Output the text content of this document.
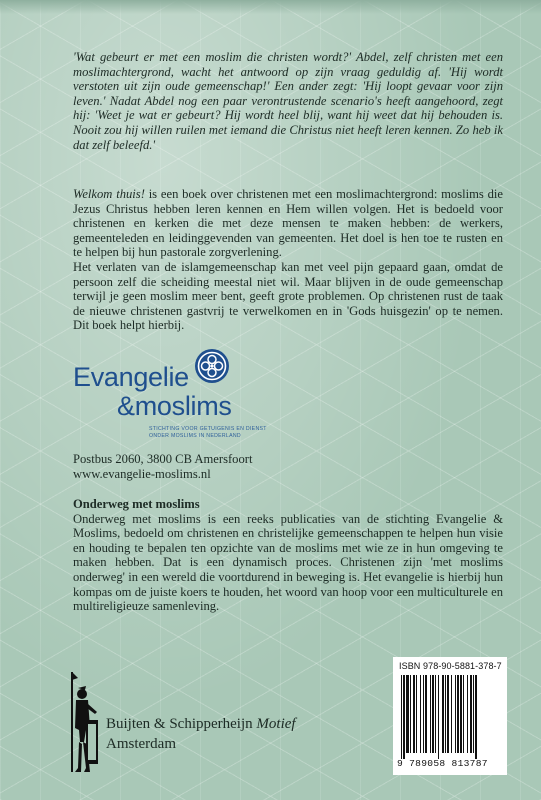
'Wat gebeurt er met een moslim die christen wordt?' Abdel, zelf christen met een moslimachtergrond, wacht het antwoord op zijn vraag geduldig af. 'Hij wordt verstoten uit zijn oude gemeenschap!' Een ander zegt: 'Hij loopt gevaar voor zijn leven.' Nadat Abdel nog een paar verontrustende scenario's heeft aangehoord, zegt hij: 'Weet je wat er gebeurt? Hij wordt heel blij, want hij weet dat hij behouden is. Nooit zou hij willen ruilen met iemand die Christus niet heeft leren kennen. Zo heb ik dat zelf beleefd.'

Welkom thuis! is een boek over christenen met een moslimachtergrond: moslims die Jezus Christus hebben leren kennen en Hem willen volgen. Het is bedoeld voor christenen en kerken die met deze mensen te maken hebben: de werkers, gemeenteleden en leidinggevenden van gemeenten. Het doel is hen toe te rusten en te helpen bij hun pastorale zorgverlening.

Het verlaten van de islamgemeenschap kan met veel pijn gepaard gaan, omdat de persoon zelf die scheiding meestal niet wil. Maar blijven in de oude gemeenschap terwijl je geen moslim meer bent, geeft grote problemen. Op christenen rust de taak de nieuwe christenen gastvrij te verwelkomen en in 'Gods huisgezin' op te nemen. Dit boek helpt hierbij.

Evangelie
&moslims
STICHTING VOOR GETUIGENIS EN DIENST
ONDER MOSLIMS IN NEDERLAND
Postbus 2060, 3800 CB Amersfoort
www.evangelie-moslims.nl

Onderweg met moslims

Onderweg met moslims is een reeks publicaties van de stichting Evangelie & Moslims, bedoeld om christenen en christelijke gemeenschappen te helpen hun visie en houding te bepalen ten opzichte van de moslims met wie ze in hun omgeving te maken hebben. Dat is een dynamisch proces. Christenen zijn 'met moslims onderweg' in een wereld die voortdurend in beweging is. Het evangelie is hierbij hun kompas om de juiste koers te houden, het woord van hoop voor een multiculturele en multireligieuze samenleving.

ISBN 978-90-5881-378-7
9 789058 813787
Buijten & Schipperheijn Motief
Amsterdam
